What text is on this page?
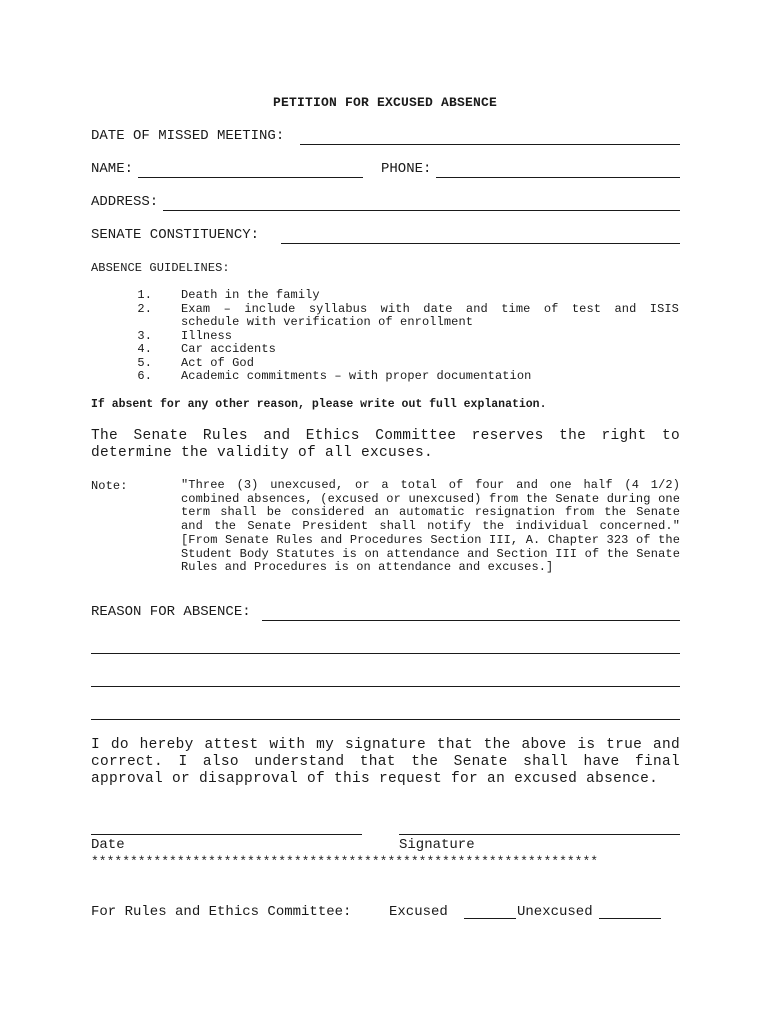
PETITION FOR EXCUSED ABSENCE
DATE OF MISSED MEETING:
NAME:	PHONE:
ADDRESS:
SENATE CONSTITUENCY:
ABSENCE GUIDELINES:
1. Death in the family
2. Exam – include syllabus with date and time of test and ISIS
schedule with verification of enrollment
3. Illness
4. Car accidents
5. Act of God
6. Academic commitments – with proper documentation
If absent for any other reason, please write out full explanation.
The Senate Rules and Ethics Committee reserves the right to determine the validity of all excuses.
Note:	"Three (3) unexcused, or a total of four and one half (4 1/2) combined absences, (excused or unexcused) from the Senate during one term shall be considered an automatic resignation from the Senate and the Senate President shall notify the individual concerned." [From Senate Rules and Procedures Section III, A. Chapter 323 of the Student Body Statutes is on attendance and Section III of the Senate Rules and Procedures is on attendance and excuses.]
REASON FOR ABSENCE:
I do hereby attest with my signature that the above is true and correct. I also understand that the Senate shall have final approval or disapproval of this request for an excused absence.
Date	Signature
*****************************************************************
For Rules and Ethics Committee:	Excused	Unexcused
